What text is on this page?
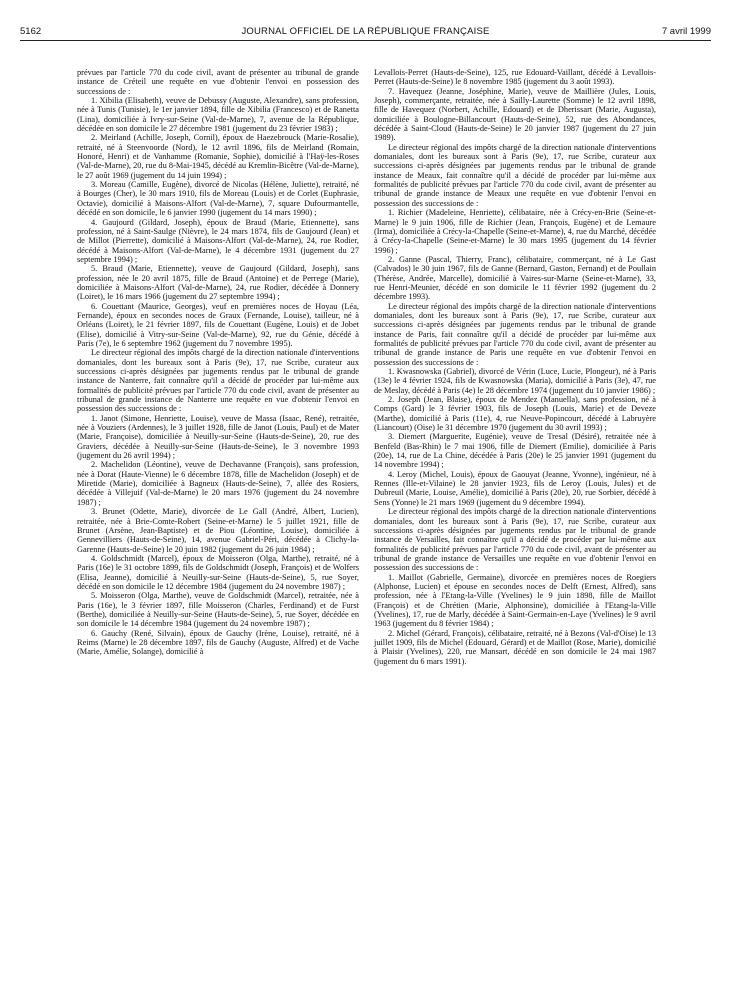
5162	JOURNAL OFFICIEL DE LA RÉPUBLIQUE FRANÇAISE	7 avril 1999

prévues par l'article 770 du code civil, avant de présenter au tribunal de grande instance de Créteil une requête en vue d'obtenir l'envoi en possession des successions de :

1. Xibilia (Elisabeth), veuve de Debussy (Auguste, Alexandre), sans profession, née à Tunis (Tunisie), le 1er janvier 1894, fille de Xibilia (Francesco) et de Ranetta (Lina), domiciliée à Ivry-sur-Seine (Val-de-Marne), 7, avenue de la République, décédée en son domicile le 27 décembre 1981 (jugement du 23 février 1983) ;

2. Meirland (Achille, Joseph, Cornil), époux de Haezebrouck (Marie-Rosalie), retraité, né à Steenvoorde (Nord), le 12 avril 1896, fils de Meirland (Romain, Honoré, Henri) et de Vanhamme (Romanie, Sophie), domicilié à l'Haÿ-les-Roses (Val-de-Marne), 20, rue du 8-Mai-1945, décédé au Kremlin-Bicêtre (Val-de-Marne), le 27 août 1969 (jugement du 14 juin 1994) ;

3. Moreau (Camille, Eugène), divorcé de Nicolas (Hélène, Juliette), retraité, né à Bourges (Cher), le 30 mars 1910, fils de Moreau (Louis) et de Corlet (Euphrasie, Octavie), domicilié à Maisons-Alfort (Val-de-Marne), 7, square Dufourmantelle, décédé en son domicile, le 6 janvier 1990 (jugement du 14 mars 1990) ;

4. Gaujourd (Gildard, Joseph), époux de Braud (Marie, Etiennette), sans profession, né à Saint-Saulge (Nièvre), le 24 mars 1874, fils de Gaujourd (Jean) et de Millot (Pierrette), domicilié à Maisons-Alfort (Val-de-Marne), 24, rue Rodier, décédé à Maisons-Alfort (Val-de-Marne), le 4 décembre 1931 (jugement du 27 septembre 1994) ;

5. Braud (Marie, Etiennette), veuve de Gaujourd (Gildard, Joseph), sans profession, née le 20 avril 1875, fille de Braud (Antoine) et de Perrege (Marie), domiciliée à Maisons-Alfort (Val-de-Marne), 24, rue Rodier, décédée à Donnery (Loiret), le 16 mars 1966 (jugement du 27 septembre 1994) ;

6. Couettant (Maurice, Georges), veuf en premières noces de Hoyau (Léa, Fernande), époux en secondes noces de Graux (Fernande, Louise), tailleur, né à Orléans (Loiret), le 21 février 1897, fils de Couettant (Eugène, Louis) et de Jobet (Elise), domicilié à Vitry-sur-Seine (Val-de-Marne), 92, rue du Génie, décédé à Paris (7e), le 6 septembre 1962 (jugement du 7 novembre 1995).

Le directeur régional des impôts chargé de la direction nationale d'interventions domaniales, dont les bureaux sont à Paris (9e), 17, rue Scribe, curateur aux successions ci-après désignées par jugements rendus par le tribunal de grande instance de Nanterre, fait connaître qu'il a décidé de procéder par lui-même aux formalités de publicité prévues par l'article 770 du code civil, avant de présenter au tribunal de grande instance de Nanterre une requête en vue d'obtenir l'envoi en possession des successions de :

1. Janot (Simone, Henriette, Louise), veuve de Massa (Isaac, René), retraitée, née à Vouziers (Ardennes), le 3 juillet 1928, fille de Janot (Louis, Paul) et de Mater (Marie, Françoise), domiciliée à Neuilly-sur-Seine (Hauts-de-Seine), 20, rue des Graviers, décédée à Neuilly-sur-Seine (Hauts-de-Seine), le 3 novembre 1993 (jugement du 26 avril 1994) ;

2. Machelidon (Léontine), veuve de Dechavanne (François), sans profession, née à Dorat (Haute-Vienne) le 6 décembre 1878, fille de Machelidon (Joseph) et de Miretide (Marie), domiciliée à Bagneux (Hauts-de-Seine), 7, allée des Rosiers, décédée à Villejuif (Val-de-Marne) le 20 mars 1976 (jugement du 24 novembre 1987) ;

3. Brunet (Odette, Marie), divorcée de Le Gall (André, Albert, Lucien), retraitée, née à Brie-Comte-Robert (Seine-et-Marne) le 5 juillet 1921, fille de Brunet (Arsène, Jean-Baptiste) et de Piou (Léontine, Louise), domiciliée à Gennevilliers (Hauts-de-Seine), 14, avenue Gabriel-Péri, décédée à Clichy-la-Garenne (Hauts-de-Seine) le 20 juin 1982 (jugement du 26 juin 1984) ;

4. Goldschmidt (Marcel), époux de Moisseron (Olga, Marthe), retraité, né à Paris (16e) le 31 octobre 1899, fils de Goldschmidt (Joseph, François) et de Wolfers (Elisa, Jeanne), domicilié à Neuilly-sur-Seine (Hauts-de-Seine), 5, rue Soyer, décédé en son domicile le 12 décembre 1984 (jugement du 24 novembre 1987) ;

5. Moisseron (Olga, Marthe), veuve de Goldschmidt (Marcel), retraitée, née à Paris (16e), le 3 février 1897, fille Moisseron (Charles, Ferdinand) et de Furst (Berthe), domiciliée à Neuilly-sur-Seine (Hauts-de-Seine), 5, rue Soyer, décédée en son domicile le 14 décembre 1984 (jugement du 24 novembre 1987) ;

6. Gauchy (René, Silvain), époux de Gauchy (Irène, Louise), retraité, né à Reims (Marne) le 28 décembre 1897, fils de Gauchy (Auguste, Alfred) et de Vache (Marie, Amélie, Solange), domicilié à

Levallois-Perret (Hauts-de-Seine), 125, rue Edouard-Vaillant, décédé à Levallois-Perret (Hauts-de-Seine) le 8 novembre 1985 (jugement du 3 août 1993).

7. Havequez (Jeanne, Joséphine, Marie), veuve de Maillière (Jules, Louis, Joseph), commerçante, retraitée, née à Sailly-Laurette (Somme) le 12 avril 1898, fille de Havequez (Norbert, Achille, Edouard) et de Dherissart (Marie, Augusta), domiciliée à Boulogne-Billancourt (Hauts-de-Seine), 52, rue des Abondances, décédée à Saint-Cloud (Hauts-de-Seine) le 20 janvier 1987 (jugement du 27 juin 1989).

Le directeur régional des impôts chargé de la direction nationale d'interventions domaniales, dont les bureaux sont à Paris (9e), 17, rue Scribe, curateur aux successions ci-après désignées par jugements rendus par le tribunal de grande instance de Meaux, fait connaître qu'il a décidé de procéder par lui-même aux formalités de publicité prévues par l'article 770 du code civil, avant de présenter au tribunal de grande instance de Meaux une requête en vue d'obtenir l'envoi en possession des successions de :

1. Richier (Madeleine, Henriette), célibataire, née à Crécy-en-Brie (Seine-et-Marne) le 9 juin 1906, fille de Richier (Jean, François, Eugène) et de Lemaure (Irma), domiciliée à Crécy-la-Chapelle (Seine-et-Marne), 4, rue du Marché, décédée à Crécy-la-Chapelle (Seine-et-Marne) le 30 mars 1995 (jugement du 14 février 1996) ;

2. Ganne (Pascal, Thierry, Franc), célibataire, commerçant, né à Le Gast (Calvados) le 30 juin 1967, fils de Ganne (Bernard, Gaston, Fernand) et de Poullain (Thérèse, Andrée, Marcelle), domicilié à Vaires-sur-Marne (Seine-et-Marne), 33, rue Henri-Meunier, décédé en son domicile le 11 février 1992 (jugement du 2 décembre 1993).

Le directeur régional des impôts chargé de la direction nationale d'interventions domaniales, dont les bureaux sont à Paris (9e), 17, rue Scribe, curateur aux successions ci-après désignées par jugements rendus par le tribunal de grande instance de Paris, fait connaître qu'il a décidé de procéder par lui-même aux formalités de publicité prévues par l'article 770 du code civil, avant de présenter au tribunal de grande instance de Paris une requête en vue d'obtenir l'envoi en possession des successions de :

1. Kwasnowska (Gabriel), divorcé de Vérin (Luce, Lucie, Plongeur), né à Paris (13e) le 4 février 1924, fils de Kwasnowska (Maria), domicilié à Paris (3e), 47, rue de Meslay, décédé à Paris (4e) le 28 décembre 1974 (jugement du 10 janvier 1986) ;

2. Joseph (Jean, Blaise), époux de Mendez (Manuella), sans profession, né à Comps (Gard) le 3 février 1903, fils de Joseph (Louis, Marie) et de Deveze (Marthe), domicilié à Paris (11e), 4, rue Neuve-Popincourt, décédé à Labruyère (Liancourt) (Oise) le 31 décembre 1970 (jugement du 30 avril 1993) ;

3. Diemert (Marguerite, Eugénie), veuve de Tresal (Désiré), retraitée née à Benfeld (Bas-Rhin) le 7 mai 1906, fille de Diemert (Emilie), domiciliée à Paris (20e), 14, rue de La Chine, décédée à Paris (20e) le 25 janvier 1991 (jugement du 14 novembre 1994) ;

4. Leroy (Michel, Louis), époux de Gaouyat (Jeanne, Yvonne), ingénieur, né à Rennes (Ille-et-Vilaine) le 28 janvier 1923, fils de Leroy (Louis, Jules) et de Dubreuil (Marie, Louise, Amélie), domicilié à Paris (20e), 20, rue Sorbier, décédé à Sens (Yonne) le 21 mars 1969 (jugement du 9 décembre 1994).

Le directeur régional des impôts chargé de la direction nationale d'interventions domaniales, dont les bureaux sont à Paris (9e), 17, rue Scribe, curateur aux successions ci-après désignées par jugements rendus par le tribunal de grande instance de Versailles, fait connaître qu'il a décidé de procéder par lui-même aux formalités de publicité prévues par l'article 770 du code civil, avant de présenter au tribunal de grande instance de Versailles une requête en vue d'obtenir l'envoi en possession des successions de :

1. Maillot (Gabrielle, Germaine), divorcée en premières noces de Roegiers (Alphonse, Lucien) et épouse en secondes noces de Delft (Ernest, Alfred), sans profession, née à l'Etang-la-Ville (Yvelines) le 9 juin 1898, fille de Maillot (François) et de Chrétien (Marie, Alphonsine), domiciliée à l'Etang-la-Ville (Yvelines), 17, rue de Marly, décédée à Saint-Germain-en-Laye (Yvelines) le 9 avril 1963 (jugement du 8 février 1984) ;

2. Michel (Gérard, François), célibataire, retraité, né à Bezons (Val-d'Oise) le 13 juillet 1909, fils de Michel (Edouard, Gérard) et de Maillot (Rose, Marie), domicilié à Plaisir (Yvelines), 220, rue Mansart, décédé en son domicile le 24 mai 1987 (jugement du 6 mars 1991).
